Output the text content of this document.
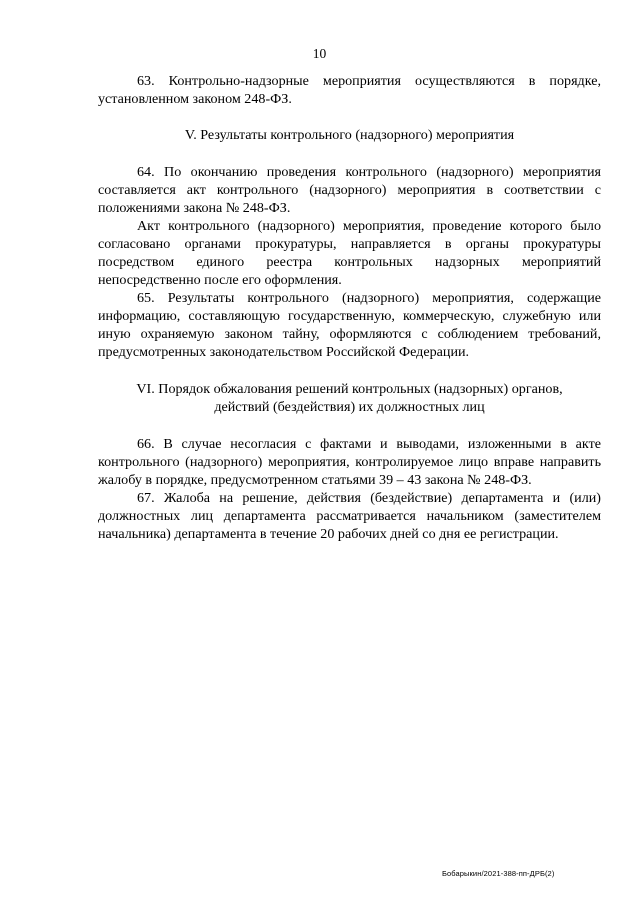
10

63. Контрольно-надзорные мероприятия осуществляются в порядке, установленном законом 248-ФЗ.

V. Результаты контрольного (надзорного) мероприятия

64. По окончанию проведения контрольного (надзорного) мероприятия составляется акт контрольного (надзорного) мероприятия в соответствии с положениями закона № 248-ФЗ.

Акт контрольного (надзорного) мероприятия, проведение которого было согласовано органами прокуратуры, направляется в органы прокуратуры посредством единого реестра контрольных надзорных мероприятий непосредственно после его оформления.

65. Результаты контрольного (надзорного) мероприятия, содержащие информацию, составляющую государственную, коммерческую, служебную или иную охраняемую законом тайну, оформляются с соблюдением требований, предусмотренных законодательством Российской Федерации.

VI. Порядок обжалования решений контрольных (надзорных) органов,

действий (бездействия) их должностных лиц

66. В случае несогласия с фактами и выводами, изложенными в акте контрольного (надзорного) мероприятия, контролируемое лицо вправе направить жалобу в порядке, предусмотренном статьями 39 – 43 закона № 248-ФЗ.

67. Жалоба на решение, действия (бездействие) департамента и (или) должностных лиц департамента рассматривается начальником (заместителем начальника) департамента в течение 20 рабочих дней со дня ее регистрации.

Бобарыкин/2021-388-пп-ДРБ(2)
